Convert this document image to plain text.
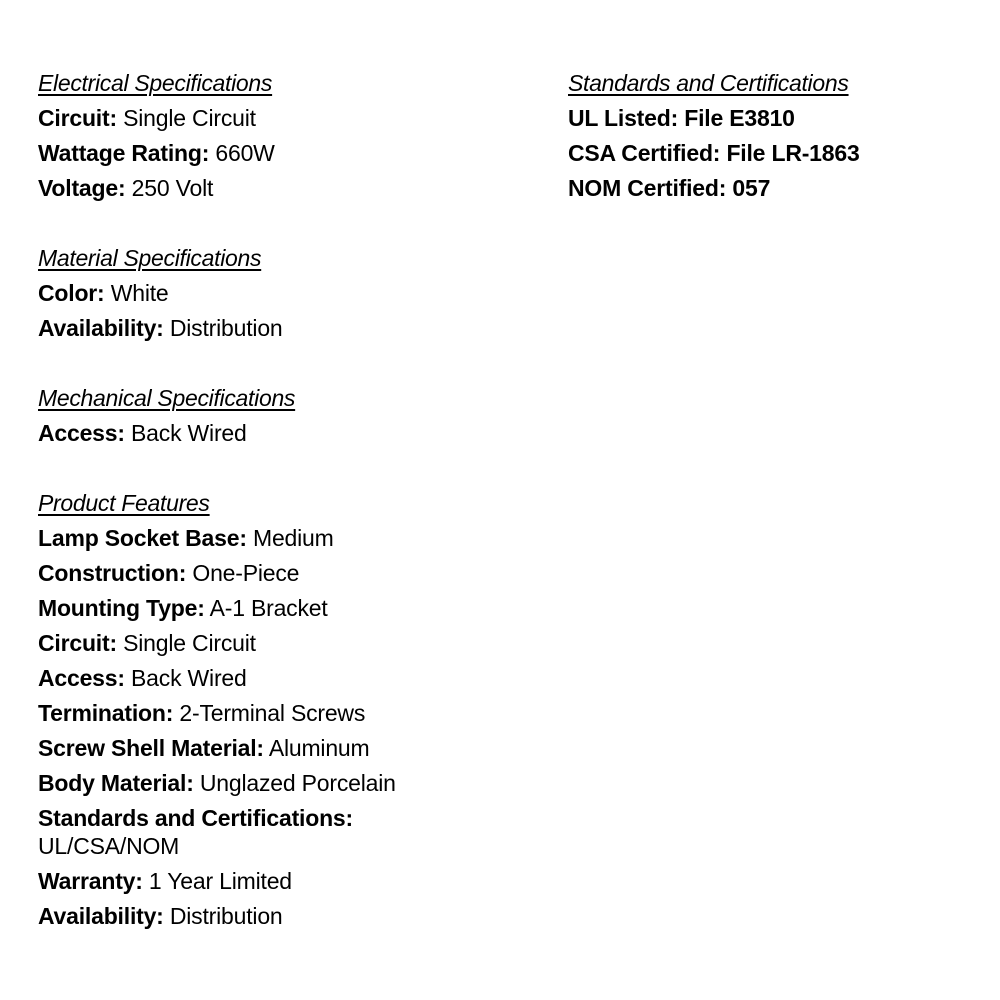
Electrical Specifications
Circuit: Single Circuit
Wattage Rating: 660W
Voltage: 250 Volt
Material Specifications
Color: White
Availability: Distribution
Mechanical Specifications
Access: Back Wired
Product Features
Lamp Socket Base: Medium
Construction: One-Piece
Mounting Type: A-1 Bracket
Circuit: Single Circuit
Access: Back Wired
Termination: 2-Terminal Screws
Screw Shell Material: Aluminum
Body Material: Unglazed Porcelain
Standards and Certifications:
UL/CSA/NOM
Warranty: 1 Year Limited
Availability: Distribution
Standards and Certifications
UL Listed: File E3810
CSA Certified: File LR-1863
NOM Certified: 057
